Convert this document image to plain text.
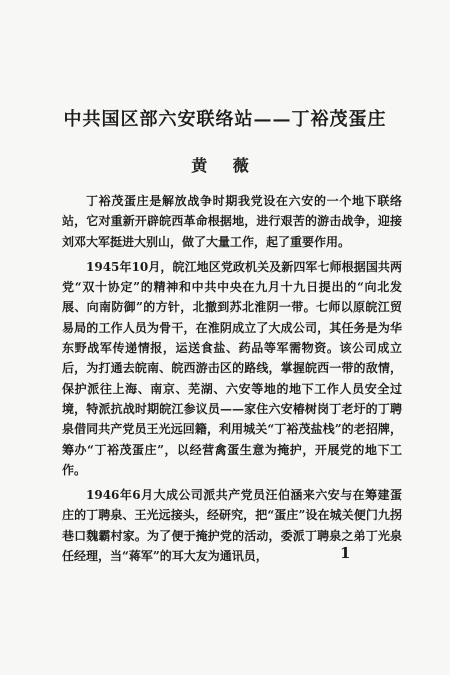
中共国区部六安联络站——丁裕茂蛋庄
黄 薇

丁裕茂蛋庄是解放战争时期我党设在六安的一个地下联络站，它对重新开辟皖西革命根据地，进行艰苦的游击战争，迎接刘邓大军挺进大别山，做了大量工作，起了重要作用。

1945年10月，皖江地区党政机关及新四军七师根据国共两党“双十协定”的精神和中共中央在九月十九日提出的“向北发展、向南防御”的方针，北撤到苏北淮阴一带。七师以原皖江贸易局的工作人员为骨干，在淮阴成立了大成公司，其任务是为华东野战军传递情报，运送食盐、药品等军需物资。该公司成立后，为打通去皖南、皖西游击区的路线，掌握皖西一带的敌情，保护派往上海、南京、芜湖、六安等地的地下工作人员安全过境，特派抗战时期皖江参议员——家住六安椿树岗丁老圩的丁聘泉借同共产党员王光远回籍，利用城关“丁裕茂盐栈”的老招牌，筹办“丁裕茂蛋庄”，以经营禽蛋生意为掩护，开展党的地下工作。

1946年6月大成公司派共产党员汪伯涵来六安与在筹建蛋庄的丁聘泉、王光远接头，经研究，把“蛋庄”设在城关便门九拐巷口魏霸村家。为了便于掩护党的活动，委派丁聘泉之弟丁光泉任经理，当“蒋军”的耳大友为通讯员，	1
